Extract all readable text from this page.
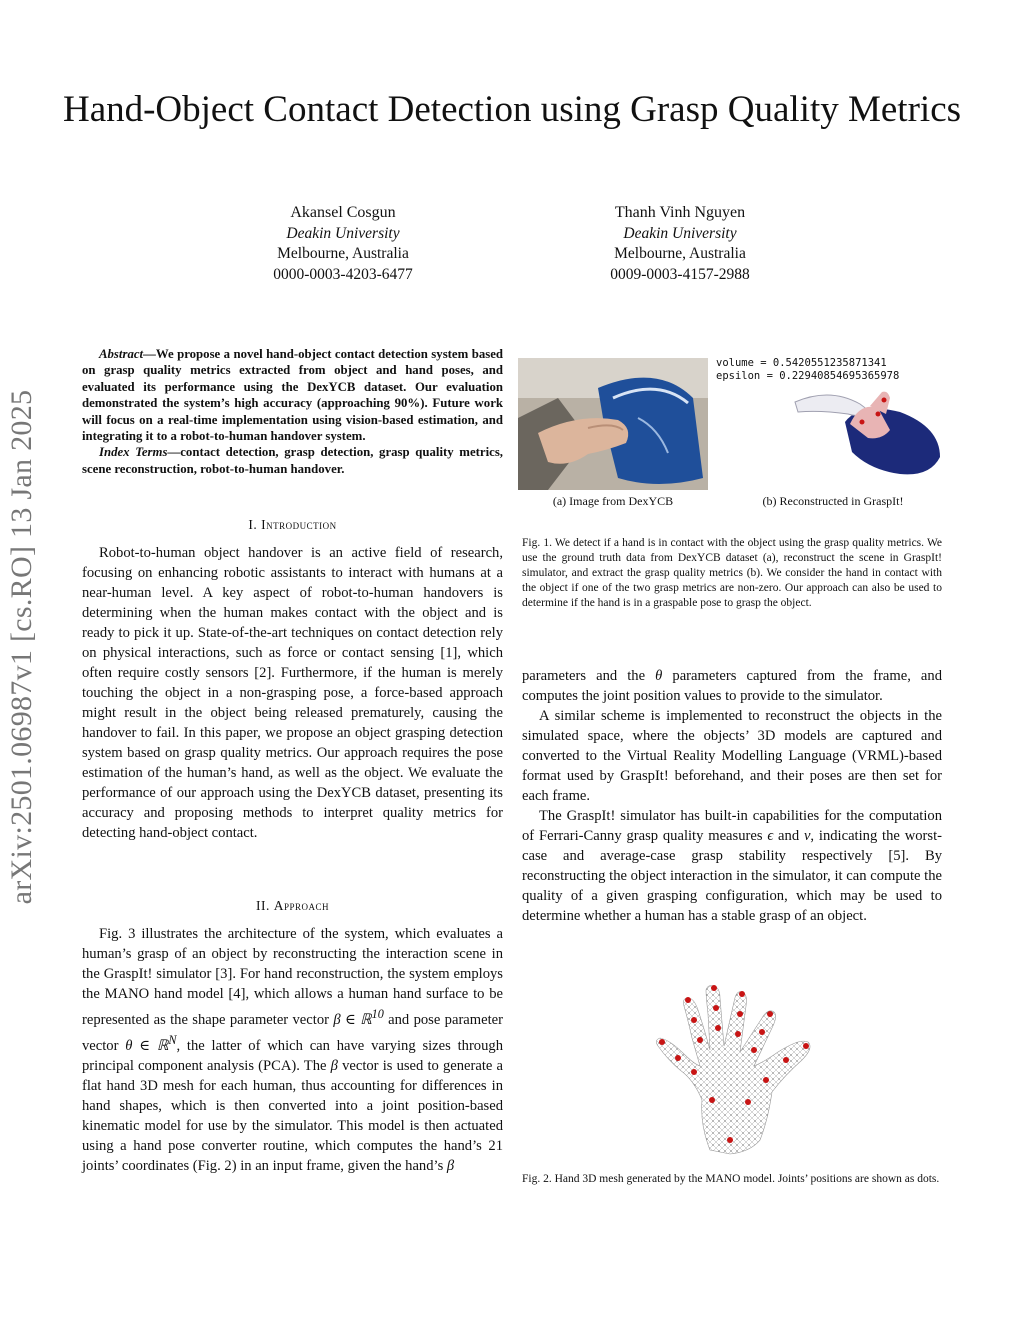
Hand-Object Contact Detection using Grasp Quality Metrics
Akansel Cosgun
Deakin University
Melbourne, Australia
0000-0003-4203-6477
Thanh Vinh Nguyen
Deakin University
Melbourne, Australia
0009-0003-4157-2988
arXiv:2501.06987v1 [cs.RO] 13 Jan 2025

Abstract—We propose a novel hand-object contact detection system based on grasp quality metrics extracted from object and hand poses, and evaluated its performance using the DexYCB dataset. Our evaluation demonstrated the system’s high accuracy (approaching 90%). Future work will focus on a real-time implementation using vision-based estimation, and integrating it to a robot-to-human handover system.

Index Terms—contact detection, grasp detection, grasp quality metrics, scene reconstruction, robot-to-human handover.

I. Introduction

Robot-to-human object handover is an active field of research, focusing on enhancing robotic assistants to interact with humans at a near-human level. A key aspect of robot-to-human handovers is determining when the human makes contact with the object and is ready to pick it up. State-of-the-art techniques on contact detection rely on physical interactions, such as force or contact sensing [1], which often require costly sensors [2]. Furthermore, if the human is merely touching the object in a non-grasping pose, a force-based approach might result in the object being released prematurely, causing the handover to fail. In this paper, we propose an object grasping detection system based on grasp quality metrics. Our approach requires the pose estimation of the human’s hand, as well as the object. We evaluate the performance of our approach using the DexYCB dataset, presenting its accuracy and proposing methods to interpret quality metrics for detecting hand-object contact.

II. Approach

Fig. 3 illustrates the architecture of the system, which evaluates a human’s grasp of an object by reconstructing the interaction scene in the GraspIt! simulator [3]. For hand reconstruction, the system employs the MANO hand model [4], which allows a human hand surface to be represented as the shape parameter vector β ∈ ℝ$^{10}$ and pose parameter vector θ ∈ ℝ$^N$, the latter of which can have varying sizes through principal component analysis (PCA). The β vector is used to generate a flat hand 3D mesh for each human, thus accounting for differences in hand shapes, which is then converted into a joint position-based kinematic model for use by the simulator. This model is then actuated using a hand pose converter routine, which computes the hand’s 21 joints’ coordinates (Fig. 2) in an input frame, given the hand’s β

volume = 0.5420551235871341
epsilon = 0.22940854695365978
(a) Image from DexYCB	(b) Reconstructed in GraspIt!
Fig. 1. We detect if a hand is in contact with the object using the grasp quality metrics. We use the ground truth data from DexYCB dataset (a), reconstruct the scene in GraspIt! simulator, and extract the grasp quality metrics (b). We consider the hand in contact with the object if one of the two grasp metrics are non-zero. Our approach can also be used to determine if the hand is in a graspable pose to grasp the object.

parameters and the θ parameters captured from the frame, and computes the joint position values to provide to the simulator.

A similar scheme is implemented to reconstruct the objects in the simulated space, where the objects’ 3D models are captured and converted to the Virtual Reality Modelling Language (VRML)-based format used by GraspIt! beforehand, and their poses are then set for each frame.

The GraspIt! simulator has built-in capabilities for the computation of Ferrari-Canny grasp quality measures ϵ and v, indicating the worst-case and average-case grasp stability respectively [5]. By reconstructing the object interaction in the simulator, it can compute the quality of a given grasping configuration, which may be used to determine whether a human has a stable grasp of an object.

Fig. 2. Hand 3D mesh generated by the MANO model. Joints’ positions are shown as dots.
